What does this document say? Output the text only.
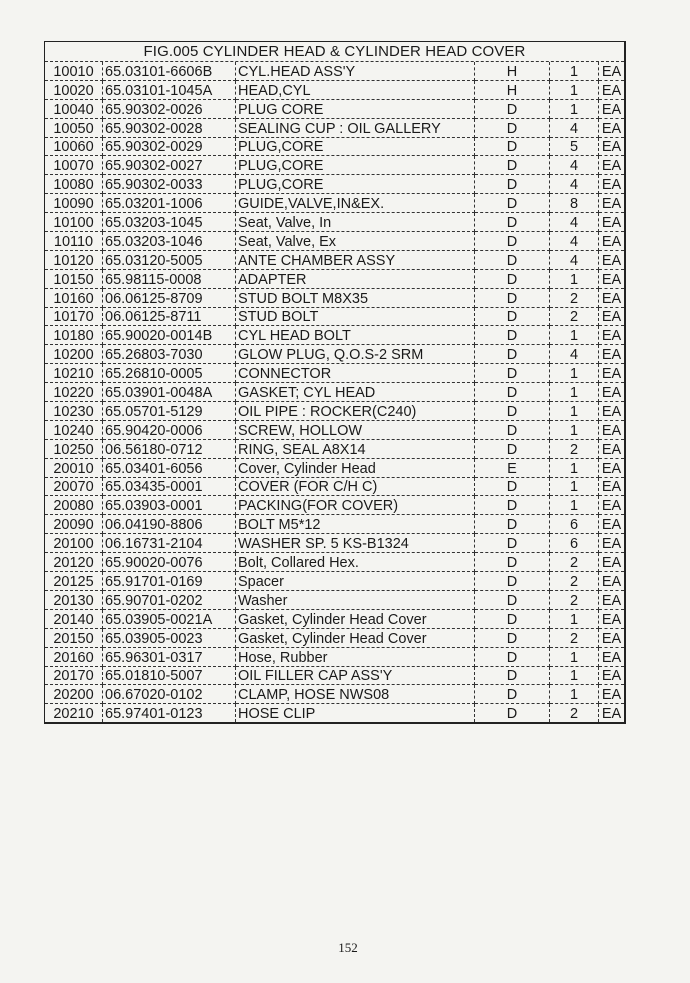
FIG.005 CYLINDER HEAD & CYLINDER HEAD COVER
10010	65.03101-6606B	CYL.HEAD ASS'Y	H	1	EA
10020	65.03101-1045A	HEAD,CYL	H	1	EA
10040	65.90302-0026	PLUG CORE	D	1	EA
10050	65.90302-0028	SEALING CUP : OIL GALLERY	D	4	EA
10060	65.90302-0029	PLUG,CORE	D	5	EA
10070	65.90302-0027	PLUG,CORE	D	4	EA
10080	65.90302-0033	PLUG,CORE	D	4	EA
10090	65.03201-1006	GUIDE,VALVE,IN&EX.	D	8	EA
10100	65.03203-1045	Seat, Valve, In	D	4	EA
10110	65.03203-1046	Seat, Valve, Ex	D	4	EA
10120	65.03120-5005	ANTE CHAMBER ASSY	D	4	EA
10150	65.98115-0008	ADAPTER	D	1	EA
10160	06.06125-8709	STUD BOLT M8X35	D	2	EA
10170	06.06125-8711	STUD BOLT	D	2	EA
10180	65.90020-0014B	CYL HEAD BOLT	D	1	EA
10200	65.26803-7030	GLOW PLUG, Q.O.S-2 SRM	D	4	EA
10210	65.26810-0005	CONNECTOR	D	1	EA
10220	65.03901-0048A	GASKET; CYL HEAD	D	1	EA
10230	65.05701-5129	OIL PIPE : ROCKER(C240)	D	1	EA
10240	65.90420-0006	SCREW, HOLLOW	D	1	EA
10250	06.56180-0712	RING, SEAL A8X14	D	2	EA
20010	65.03401-6056	Cover, Cylinder Head	E	1	EA
20070	65.03435-0001	COVER (FOR C/H C)	D	1	EA
20080	65.03903-0001	PACKING(FOR COVER)	D	1	EA
20090	06.04190-8806	BOLT M5*12	D	6	EA
20100	06.16731-2104	WASHER SP. 5 KS-B1324	D	6	EA
20120	65.90020-0076	Bolt, Collared Hex.	D	2	EA
20125	65.91701-0169	Spacer	D	2	EA
20130	65.90701-0202	Washer	D	2	EA
20140	65.03905-0021A	Gasket, Cylinder Head Cover	D	1	EA
20150	65.03905-0023	Gasket, Cylinder Head Cover	D	2	EA
20160	65.96301-0317	Hose, Rubber	D	1	EA
20170	65.01810-5007	OIL FILLER CAP ASS'Y	D	1	EA
20200	06.67020-0102	CLAMP, HOSE NWS08	D	1	EA
20210	65.97401-0123	HOSE CLIP	D	2	EA
152
